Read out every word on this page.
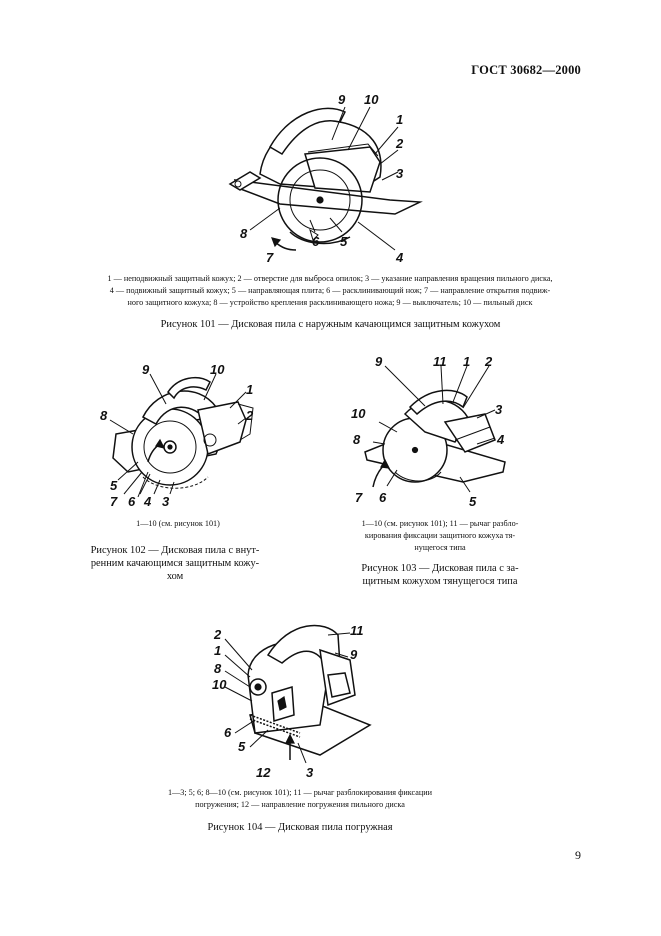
ГОСТ 30682—2000
9 10
1
2
3
8
7
6 5
4
1 — неподвижный защитный кожух; 2 — отверстие для выброса опилок; 3 — указание направления вращения пильного диска,
4 — подвижный защитный кожух; 5 — направляющая плита; 6 — расклинивающий нож; 7 — направление открытия подвиж-
ного защитного кожуха; 8 — устройство крепления расклинивающего ножа; 9 — выключатель; 10 — пильный диск
Рисунок 101 — Дисковая пила с наружным качающимся защитным кожухом
9	10
1
2
8
5
7 6 4 3
1—10 (см. рисунок 101)
Рисунок 102 — Дисковая пила с внут-
ренним качающимся защитным кожу-
хом
9	11 1 2
3
10
8	4
7 6	5
1—10 (см. рисунок 101); 11 — рычаг разбло-
кирования фиксации защитного кожуха тя-
нущегося типа
Рисунок 103 — Дисковая пила с за-
щитным кожухом тянущегося типа
11
2
1	9
8
10
6
5
12	3
1—3; 5; 6; 8—10 (см. рисунок 101); 11 — рычаг разблокирования фиксации
погружения; 12 — направление погружения пильного диска
Рисунок 104 — Дисковая пила погружная
9
